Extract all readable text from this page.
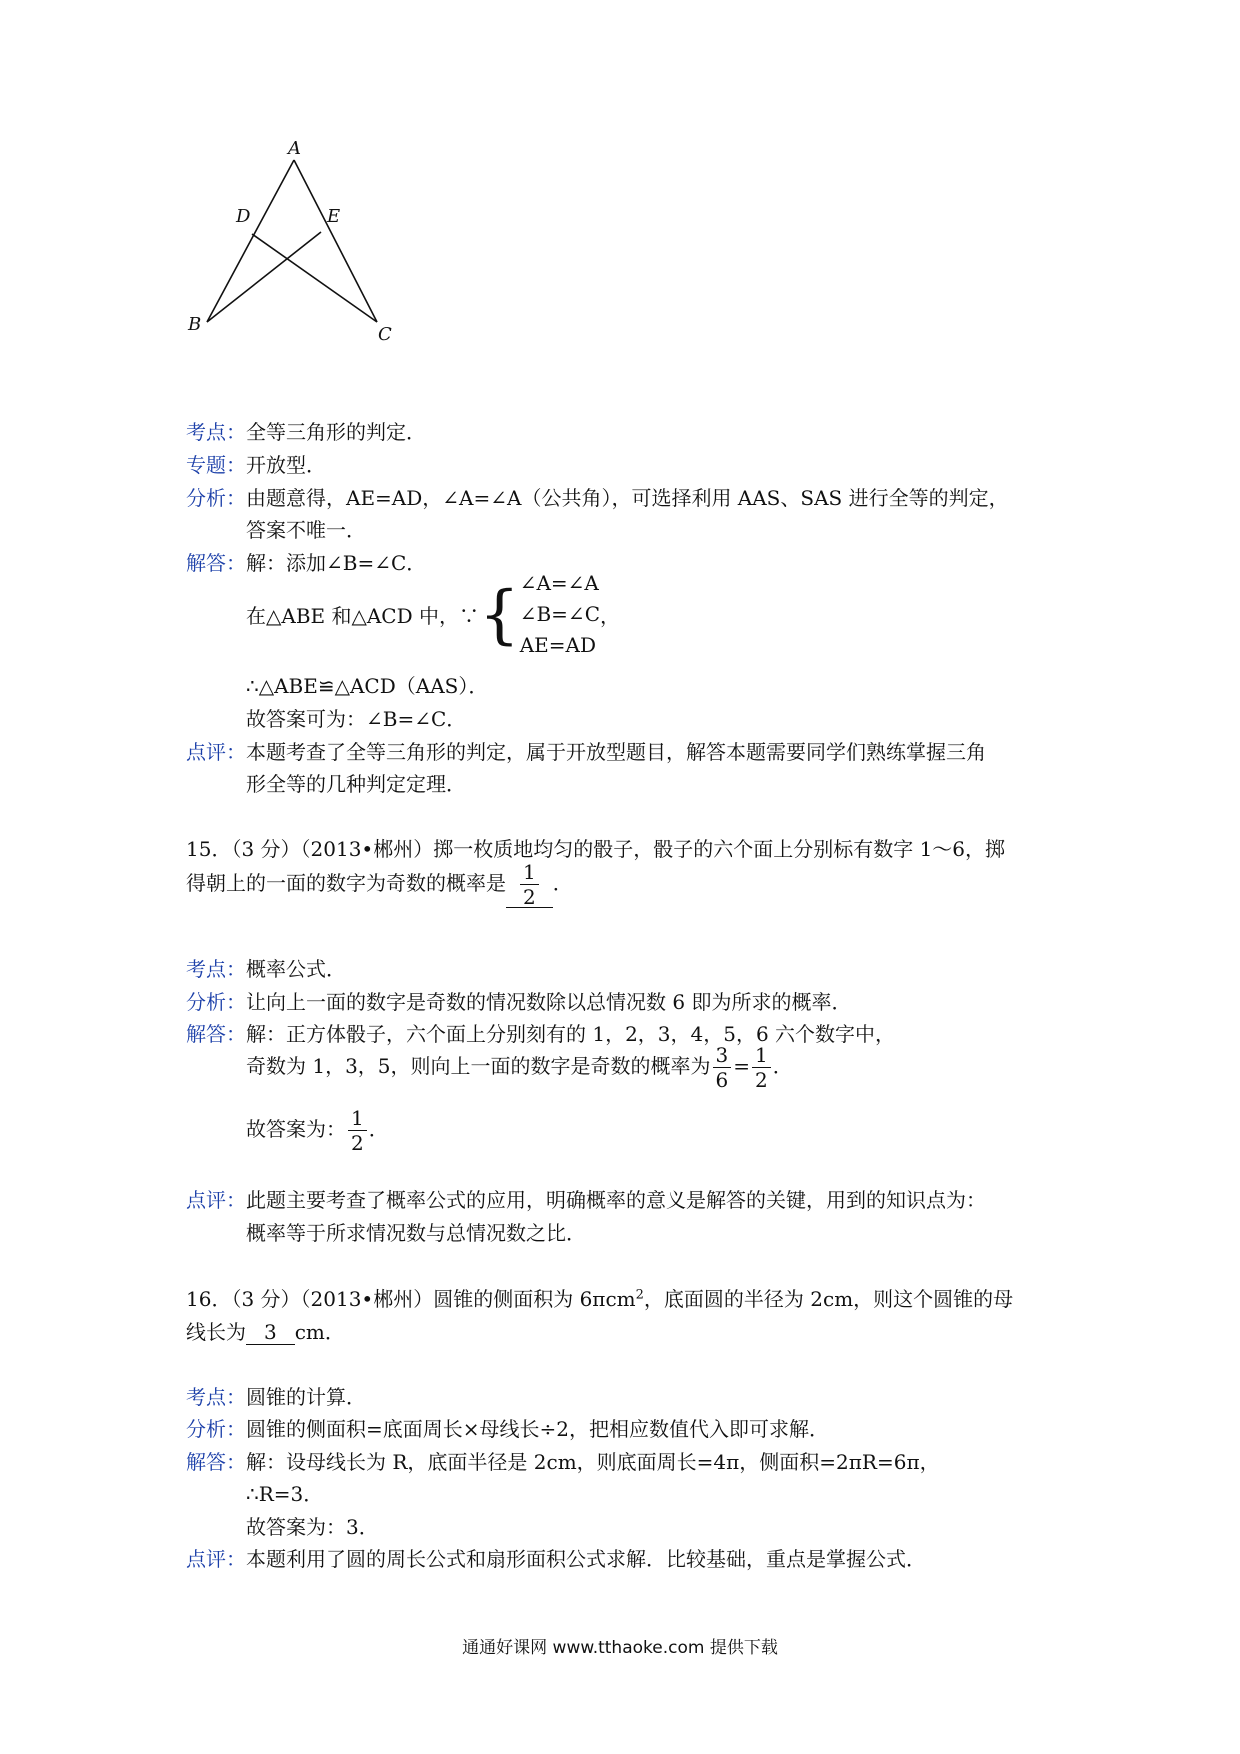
A
D	E
B	C
考点：全等三角形的判定．
专题：开放型．
分析：由题意得，AE=AD，∠A=∠A（公共角），可选择利用 AAS、SAS 进行全等的判定，
答案不唯一．
解答：解：添加∠B=∠C．
在△ABE 和△ACD 中，∵{ ∠A=∠A
∠B=∠C
AE=AD
，
∴△ABE≌△ACD（AAS）．
故答案可为：∠B=∠C．
点评：本题考查了全等三角形的判定，属于开放型题目，解答本题需要同学们熟练掌握三角
形全等的几种判定定理．
15．（3 分）（2013•郴州）掷一枚质地均匀的骰子，骰子的六个面上分别标有数字 1～6，掷
得朝上的一面的数字为奇数的概率是 $\frac{1}{2}$ ．
考点：概率公式．
分析：让向上一面的数字是奇数的情况数除以总情况数 6 即为所求的概率．
解答：解：正方体骰子，六个面上分别刻有的 1，2，3，4，5，6 六个数字中，
奇数为 1，3，5，则向上一面的数字是奇数的概率为 $\frac{3}{6} = \frac{1}{2}$ ．
故答案为： $\frac{1}{2}$ ．
点评：此题主要考查了概率公式的应用，明确概率的意义是解答的关键，用到的知识点为：
概率等于所求情况数与总情况数之比．
16．（3 分）（2013•郴州）圆锥的侧面积为 6πcm$^2$，底面圆的半径为 2cm，则这个圆锥的母
线长为 3 cm．
考点：圆锥的计算．
分析：圆锥的侧面积=底面周长×母线长÷2，把相应数值代入即可求解．
解答：解：设母线长为 R，底面半径是 2cm，则底面周长=4π，侧面积=2πR=6π，
∴R=3．
故答案为：3．
点评：本题利用了圆的周长公式和扇形面积公式求解．比较基础，重点是掌握公式．
通通好课网 www.tthaoke.com 提供下载
